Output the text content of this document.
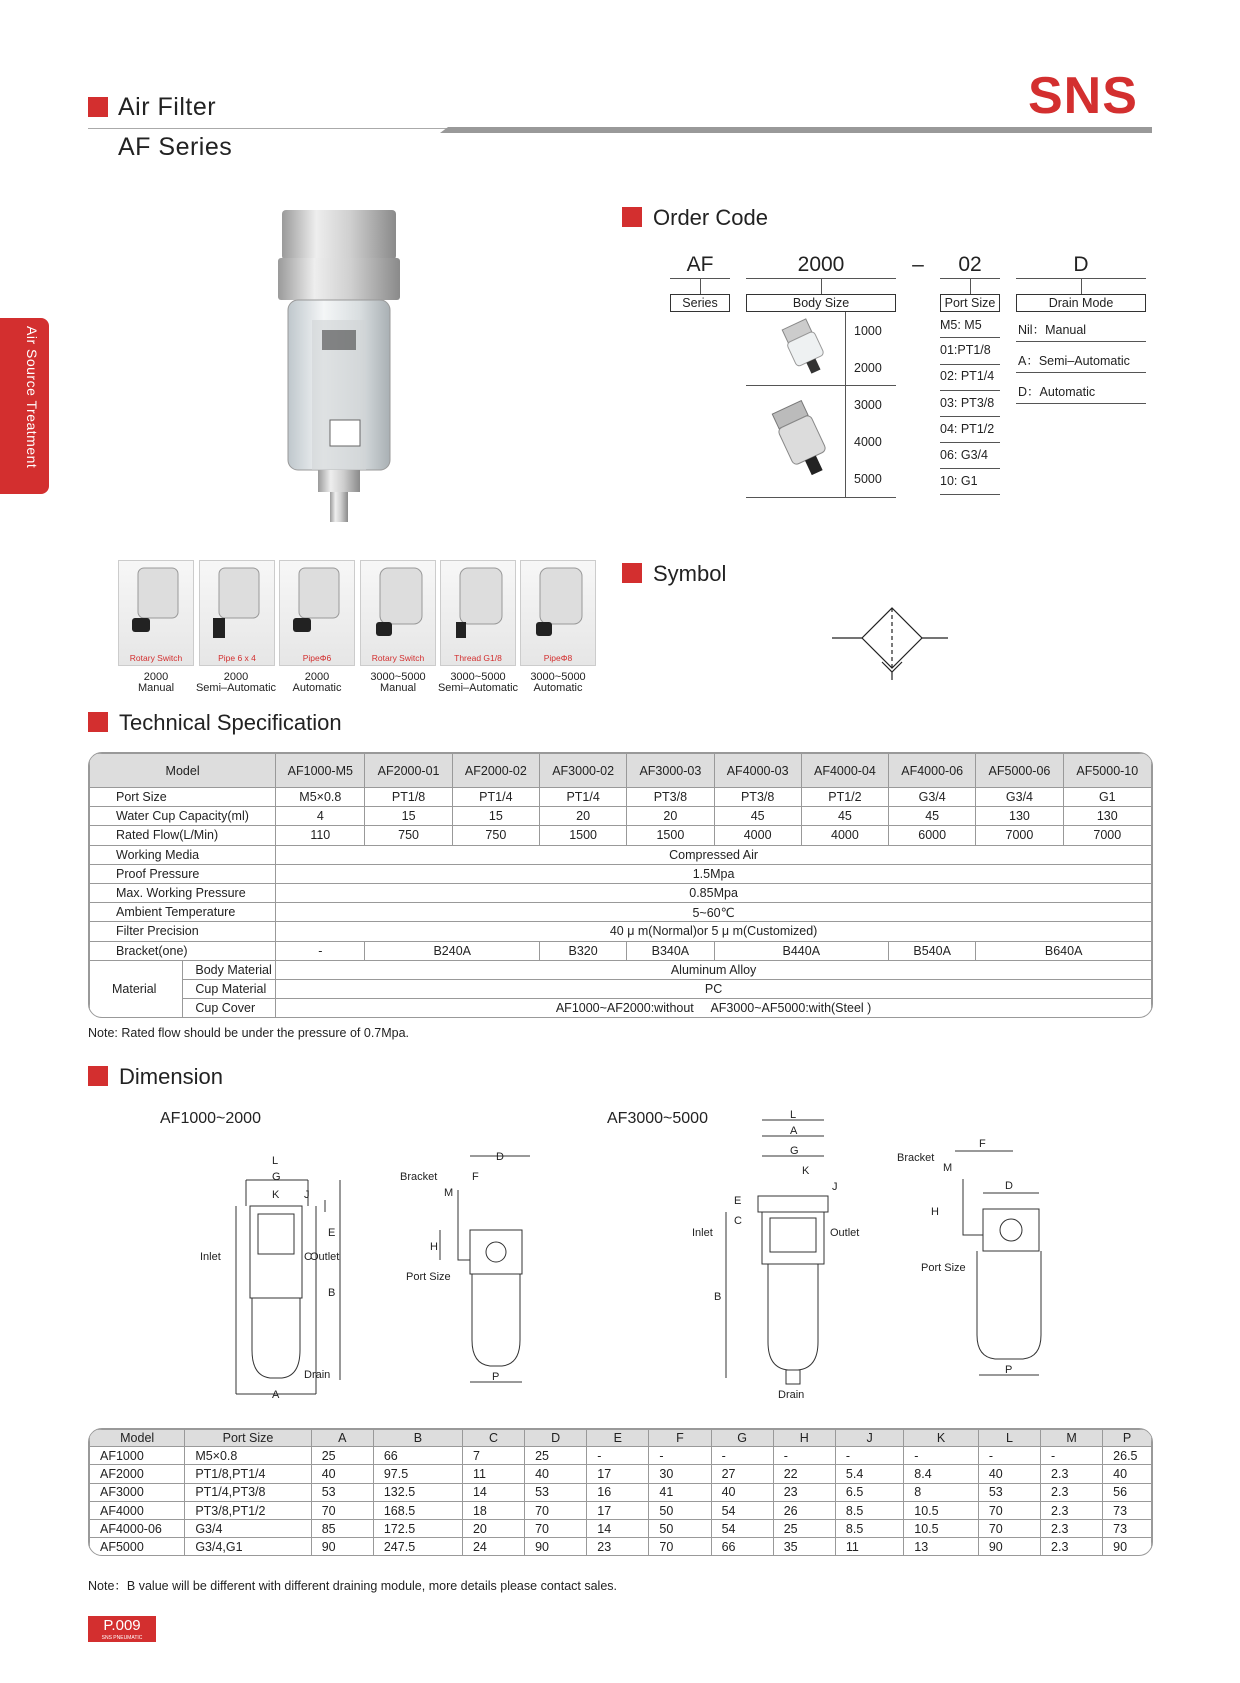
Air Filter
AF Series
SNS
Air Source Treatment
Order Code
AF	2000	–	02	D
Series	Body Size	Port Size	Drain Mode
1000
2000
3000
4000
5000
M5: M5
01:PT1/8
02: PT1/4
03: PT3/8
04: PT1/2
06: G3/4
10: G1
Nil：Manual
A：Semi–Automatic
D：Automatic
Rotary Switch	Pipe 6 x 4	PipeΦ6	Rotary Switch	Thread G1/8	PipeΦ8
2000
Manual
2000
Semi–Automatic
2000
Automatic
3000~5000
Manual
3000~5000
Semi–Automatic
3000~5000
Automatic
Symbol
Technical Specification
Model		AF1000-M5	AF2000-01	AF2000-02	AF3000-02	AF3000-03	AF4000-03	AF4000-04	AF4000-06	AF5000-06	AF5000-10
Port Size		M5×0.8	PT1/8	PT1/4	PT1/4	PT3/8	PT3/8	PT1/2	G3/4	G3/4	G1
Water Cup Capacity(ml)		4	15	15	20	20	45	45	45	130	130
Rated Flow(L/Min)		110	750	750	1500	1500	4000	4000	6000	7000	7000
Working Media		Compressed Air									
Proof Pressure		1.5Mpa									
Max. Working Pressure		0.85Mpa									
Ambient Temperature		5~60℃									
Filter Precision		40 μ m(Normal)or 5 μ m(Customized)									
Bracket(one)		-	B240A		B320	B340A	B440A		B540A	B640A	
Material	Body Material	Aluminum Alloy									
	Cup Material	PC									
	Cup Cover	AF1000~AF2000:without     AF3000~AF5000:with(Steel )									
Note: Rated flow should be under the pressure of 0.7Mpa.
Dimension
AF1000~2000	AF3000~5000
L
G
K J
E
C
B
A
Inlet	Outlet
Drain
D
F
M
H
Bracket
Port Size
P
L
A
G
K
J
E
C
B
Inlet	Outlet
Drain
F
Bracket
M
D
H
Port Size
P
Model	Port Size	A	B	C	D	E	F	G	H	J	K	L	M	P
AF1000	M5×0.8	25	66	7	25	-	-	-	-	-	-	-	-	26.5
AF2000	PT1/8,PT1/4	40	97.5	11	40	17	30	27	22	5.4	8.4	40	2.3	40
AF3000	PT1/4,PT3/8	53	132.5	14	53	16	41	40	23	6.5	8	53	2.3	56
AF4000	PT3/8,PT1/2	70	168.5	18	70	17	50	54	26	8.5	10.5	70	2.3	73
AF4000-06	G3/4	85	172.5	20	70	14	50	54	25	8.5	10.5	70	2.3	73
AF5000	G3/4,G1	90	247.5	24	90	23	70	66	35	11	13	90	2.3	90
Note：B value will be different with different draining module, more details please contact sales.
P.009
SNS PNEUMATIC
